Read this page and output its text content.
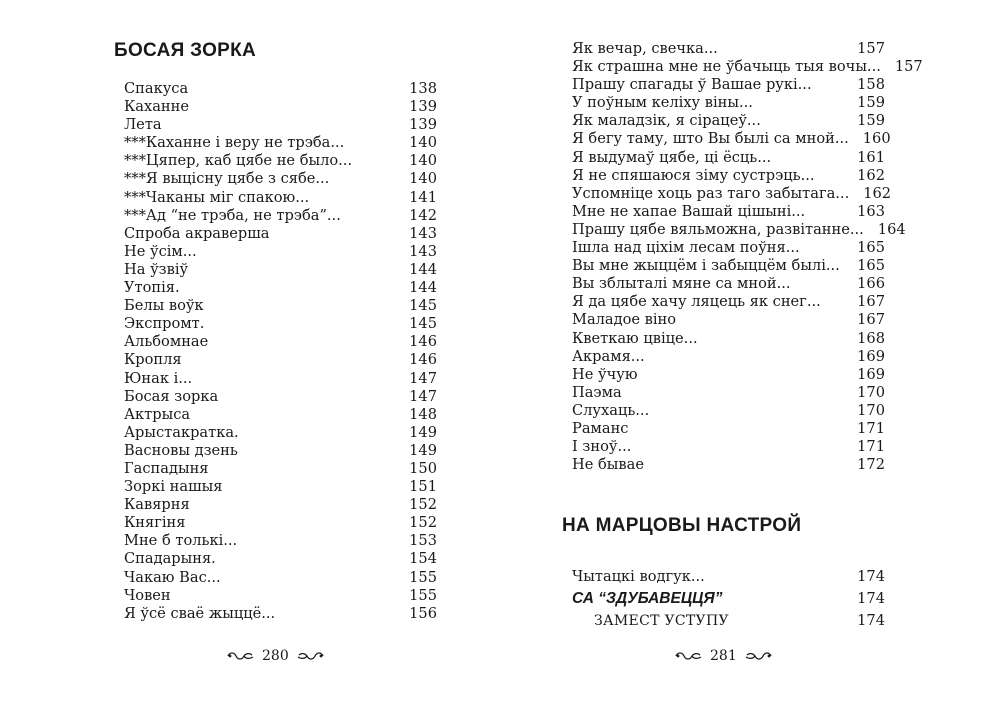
БОСАЯ ЗОРКА
Спакуса	138
Каханне	139
Лета	139
***Каханне і веру не трэба...	140
***Цяпер, каб цябе не было...	140
***Я выцісну цябе з сябе...	140
***Чаканы міг спакою...	141
***Ад “не трэба, не трэба”...	142
Спроба акраверша	143
Не ўсім...	143
На ўзвіў	144
Утопія.	144
Белы воўк	145
Экспромт.	145
Альбомнае	146
Кропля	146
Юнак і...	147
Босая зорка	147
Актрыса	148
Арыстакратка.	149
Васновы дзень	149
Гаспадыня	150
Зоркі нашыя	151
Кавярня	152
Княгіня	152
Мне б толькі...	153
Спадарыня.	154
Чакаю Вас...	155
Човен	155
Я ўсё сваё жыццё...	156
280
Як вечар, свечка...	157
Як страшна мне не ўбачыць тыя вочы... 157
Прашу спагады ў Вашае рукі...	158
У поўным келіху віны...	159
Як маладзік, я сірацеў...	159
Я бегу таму, што Вы былі са мной... 160
Я выдумаў цябе, ці ёсць...	161
Я не спяшаюся зіму сустрэць...	162
Успомніце хоць раз таго забытага... 162
Мне не хапае Вашай цішыні...	163
Прашу цябе вяльможна, развітанне... 164
Ішла над ціхім лесам поўня...	165
Вы мне жыццём і забыццём былі... 165
Вы зблыталі мяне са мной...	166
Я да цябе хачу ляцець як снег... 167
Маладое віно	167
Кветкаю цвіце...	168
Акрамя...	169
Не ўчую	169
Паэма	170
Слухаць...	170
Раманс	171
І зноў...	171
Не бывае	172
НА МАРЦОВЫ НАСТРОЙ
Чытацкі водгук...	174
СА “ЗДУБАВЕЦЦЯ”	174
ЗАМЕСТ УСТУПУ	174
281
